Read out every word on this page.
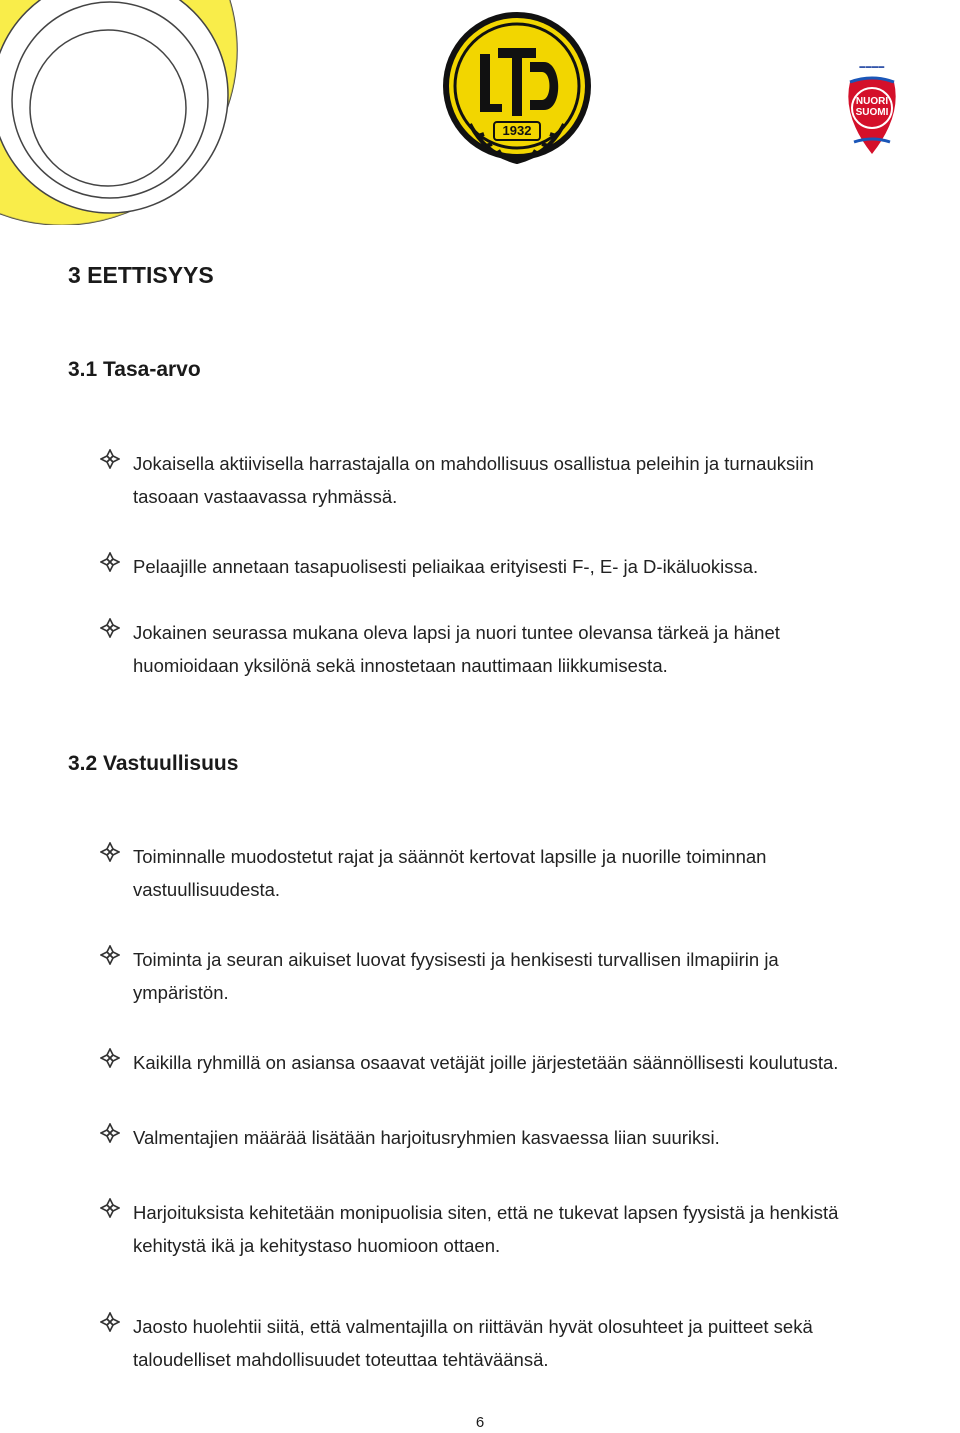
1932
▬▬▬▬
NUORI
SUOMI
3 EETTISYYS
3.1 Tasa-arvo
Jokaisella aktiivisella harrastajalla on mahdollisuus osallistua peleihin ja turnauksiin
tasoaan vastaavassa ryhmässä.
Pelaajille annetaan tasapuolisesti peliaikaa erityisesti F-, E- ja D-ikäluokissa.
Jokainen seurassa mukana oleva lapsi ja nuori tuntee olevansa tärkeä ja hänet
huomioidaan yksilönä sekä innostetaan nauttimaan liikkumisesta.
3.2 Vastuullisuus
Toiminnalle muodostetut rajat ja säännöt kertovat lapsille ja nuorille toiminnan
vastuullisuudesta.
Toiminta ja seuran aikuiset luovat fyysisesti ja henkisesti turvallisen ilmapiirin ja
ympäristön.
Kaikilla ryhmillä on asiansa osaavat vetäjät joille järjestetään säännöllisesti koulutusta.
Valmentajien määrää lisätään harjoitusryhmien kasvaessa liian suuriksi.
Harjoituksista kehitetään monipuolisia siten, että ne tukevat lapsen fyysistä ja henkistä
kehitystä ikä ja kehitystaso huomioon ottaen.
Jaosto huolehtii siitä, että valmentajilla on riittävän hyvät olosuhteet ja puitteet sekä
taloudelliset mahdollisuudet toteuttaa tehtäväänsä.
6
